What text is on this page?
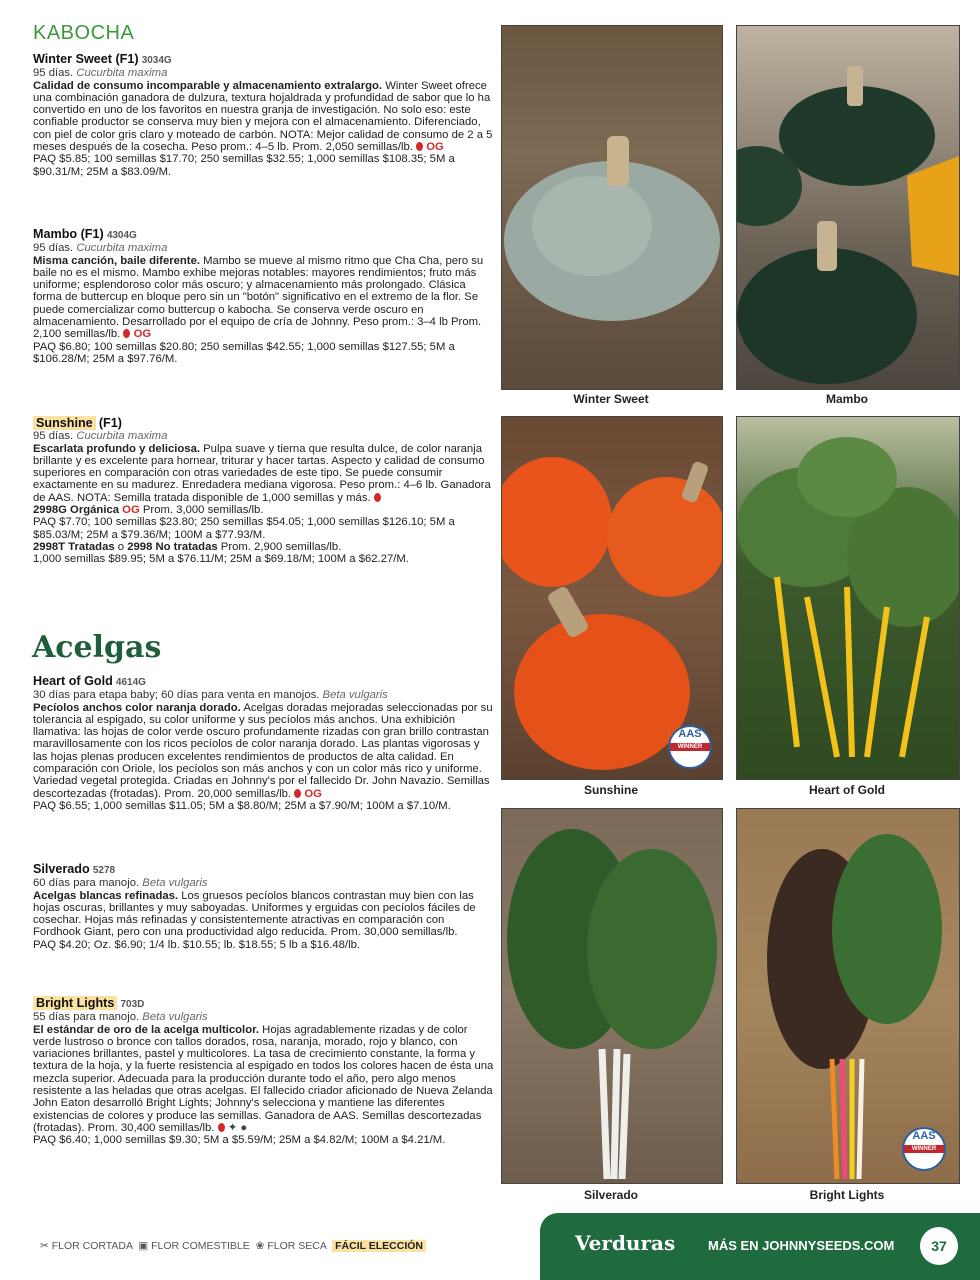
KABOCHA
Winter Sweet (F1) 3034G
95 días. Cucurbita maxima
Calidad de consumo incomparable y almacenamiento extralargo. Winter Sweet ofrece una combinación ganadora de dulzura, textura hojaldrada y profundidad de sabor que lo ha convertido en uno de los favoritos en nuestra granja de investigación. No solo eso: este confiable productor se conserva muy bien y mejora con el almacenamiento. Diferenciado, con piel de color gris claro y moteado de carbón. NOTA: Mejor calidad de consumo de 2 a 5 meses después de la cosecha. Peso prom.: 4–5 lb. Prom. 2,050 semillas/lb. OG
PAQ $5.85; 100 semillas $17.70; 250 semillas $32.55; 1,000 semillas $108.35; 5M a $90.31/M; 25M a $83.09/M.
Mambo (F1) 4304G
95 días. Cucurbita maxima
Misma canción, baile diferente. Mambo se mueve al mismo ritmo que Cha Cha, pero su baile no es el mismo. Mambo exhibe mejoras notables: mayores rendimientos; fruto más uniforme; esplendoroso color más oscuro; y almacenamiento más prolongado. Clásica forma de buttercup en bloque pero sin un "botón" significativo en el extremo de la flor. Se puede comercializar como buttercup o kabocha. Se conserva verde oscuro en almacenamiento. Desarrollado por el equipo de cría de Johnny. Peso prom.: 3–4 lb Prom. 2,100 semillas/lb. OG
PAQ $6.80; 100 semillas $20.80; 250 semillas $42.55; 1,000 semillas $127.55; 5M a $106.28/M; 25M a $97.76/M.
Sunshine (F1)
95 días. Cucurbita maxima
Escarlata profundo y deliciosa. Pulpa suave y tierna que resulta dulce, de color naranja brillante y es excelente para hornear, triturar y hacer tartas. Aspecto y calidad de consumo superiores en comparación con otras variedades de este tipo. Se puede consumir exactamente en su madurez. Enredadera mediana vigorosa. Peso prom.: 4–6 lb. Ganadora de AAS. NOTA: Semilla tratada disponible de 1,000 semillas y más.
2998G Orgánica OG Prom. 3,000 semillas/lb.
PAQ $7.70; 100 semillas $23.80; 250 semillas $54.05; 1,000 semillas $126.10; 5M a $85.03/M; 25M a $79.36/M; 100M a $77.93/M.
2998T Tratadas o 2998 No tratadas Prom. 2,900 semillas/lb.
1,000 semillas $89.95; 5M a $76.11/M; 25M a $69.18/M; 100M a $62.27/M.
Acelgas
Heart of Gold 4614G
30 días para etapa baby; 60 días para venta en manojos. Beta vulgaris
Pecíolos anchos color naranja dorado. Acelgas doradas mejoradas seleccionadas por su tolerancia al espigado, su color uniforme y sus pecíolos más anchos. Una exhibición llamativa: las hojas de color verde oscuro profundamente rizadas con gran brillo contrastan maravillosamente con los ricos pecíolos de color naranja dorado. Las plantas vigorosas y las hojas plenas producen excelentes rendimientos de productos de alta calidad. En comparación con Oriole, los pecíolos son más anchos y con un color más rico y uniforme. Variedad vegetal protegida. Criadas en Johnny's por el fallecido Dr. John Navazio. Semillas descortezadas (frotadas). Prom. 20,000 semillas/lb. OG
PAQ $6.55; 1,000 semillas $11.05; 5M a $8.80/M; 25M a $7.90/M; 100M a $7.10/M.
Silverado 5278
60 días para manojo. Beta vulgaris
Acelgas blancas refinadas. Los gruesos pecíolos blancos contrastan muy bien con las hojas oscuras, brillantes y muy saboyadas. Uniformes y erguidas con pecíolos fáciles de cosechar. Hojas más refinadas y consistentemente atractivas en comparación con Fordhook Giant, pero con una productividad algo reducida. Prom. 30,000 semillas/lb.
PAQ $4.20; Oz. $6.90; 1/4 lb. $10.55; lb. $18.55; 5 lb a $16.48/lb.
Bright Lights 703D
55 días para manojo. Beta vulgaris
El estándar de oro de la acelga multicolor. Hojas agradablemente rizadas y de color verde lustroso o bronce con tallos dorados, rosa, naranja, morado, rojo y blanco, con variaciones brillantes, pastel y multicolores. La tasa de crecimiento constante, la forma y textura de la hoja, y la fuerte resistencia al espigado en todos los colores hacen de ésta una mezcla superior. Adecuada para la producción durante todo el año, pero algo menos resistente a las heladas que otras acelgas. El fallecido criador aficionado de Nueva Zelanda John Eaton desarrolló Bright Lights; Johnny's selecciona y mantiene las diferentes existencias de colores y produce las semillas. Ganadora de AAS. Semillas descortezadas (frotadas). Prom. 30,400 semillas/lb. ✦ ●
PAQ $6.40; 1,000 semillas $9.30; 5M a $5.59/M; 25M a $4.82/M; 100M a $4.21/M.
Winter Sweet	Mambo
AAS
WINNER
Sunshine	Heart of Gold
AAS
WINNER
Silverado	Bright Lights
✂ FLOR CORTADA ▣ FLOR COMESTIBLE ❀ FLOR SECA FÁCIL ELECCIÓN	Verduras	MÁS EN JOHNNYSEEDS.COM	37
